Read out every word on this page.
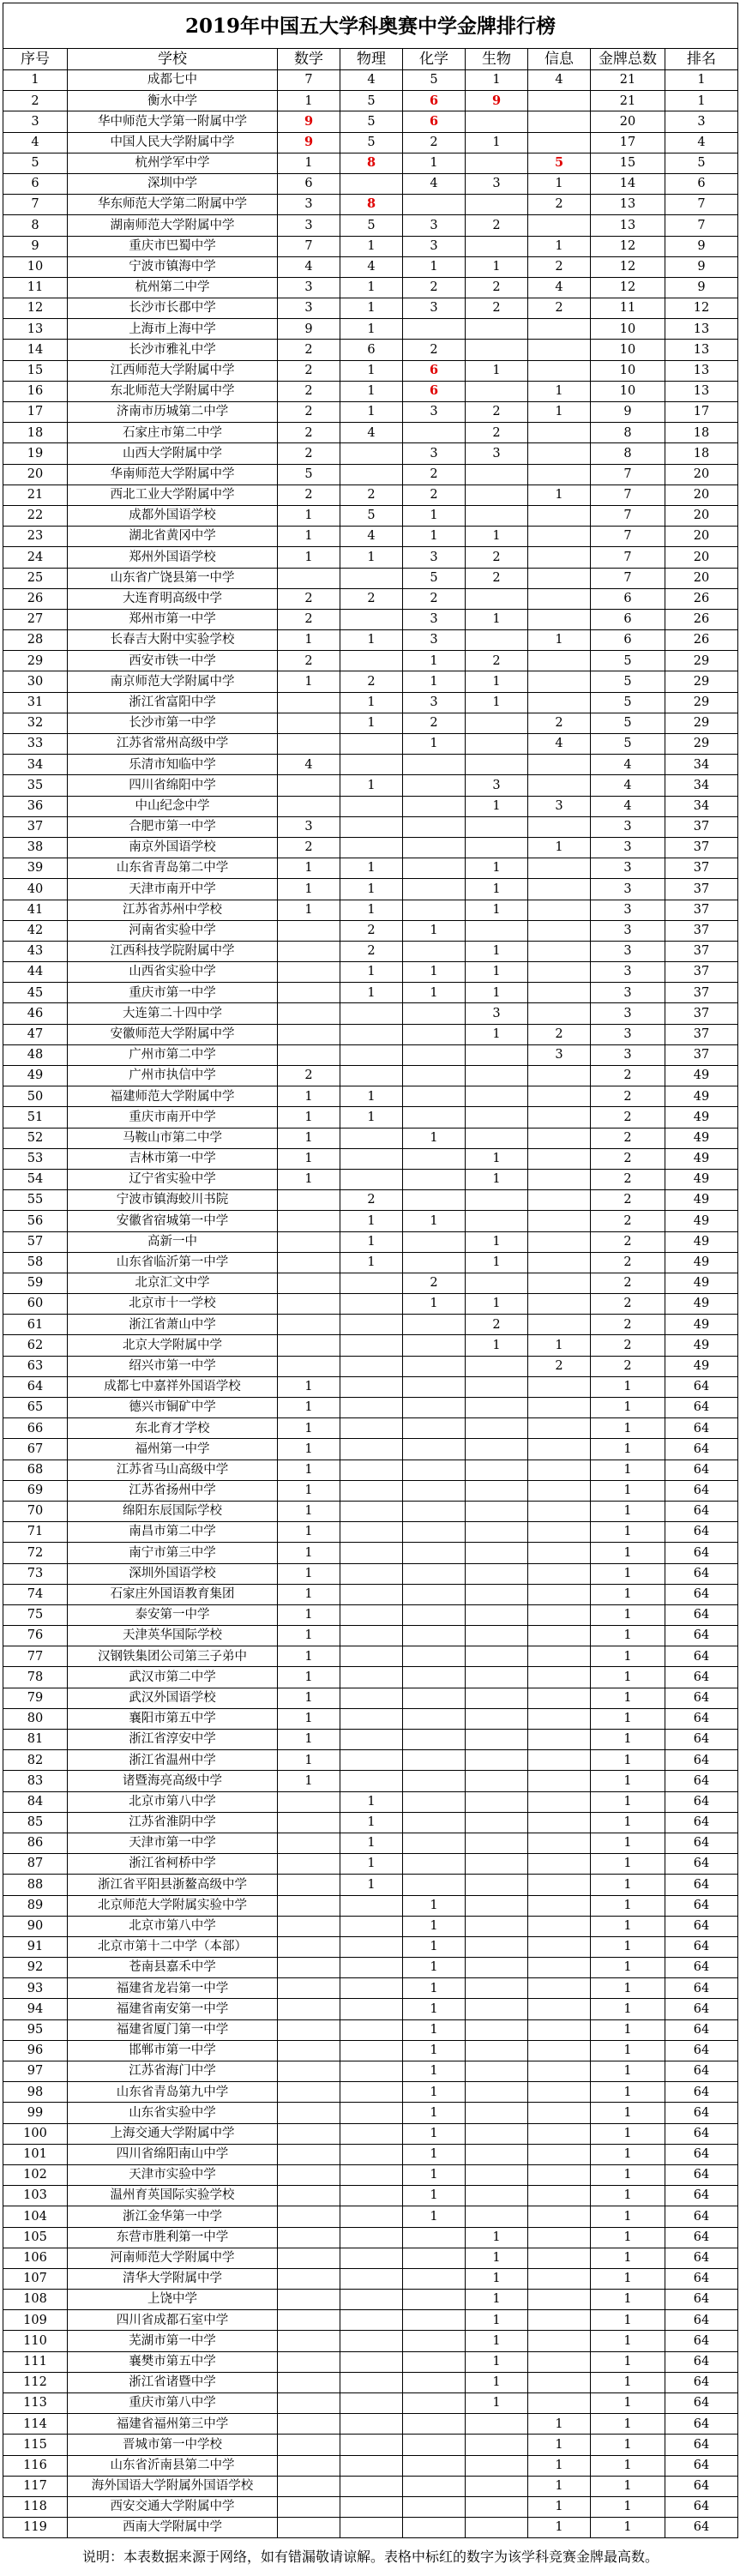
2019年中国五大学科奥赛中学金牌排行榜								
序号	学校	数学	物理	化学	生物	信息	金牌总数	排名
1	成都七中	7	4	5	1	4	21	1
2	衡水中学	1	5	6	9		21	1
3	华中师范大学第一附属中学	9	5	6			20	3
4	中国人民大学附属中学	9	5	2	1		17	4
5	杭州学军中学	1	8	1		5	15	5
6	深圳中学	6		4	3	1	14	6
7	华东师范大学第二附属中学	3	8			2	13	7
8	湖南师范大学附属中学	3	5	3	2		13	7
9	重庆市巴蜀中学	7	1	3		1	12	9
10	宁波市镇海中学	4	4	1	1	2	12	9
11	杭州第二中学	3	1	2	2	4	12	9
12	长沙市长郡中学	3	1	3	2	2	11	12
13	上海市上海中学	9	1				10	13
14	长沙市雅礼中学	2	6	2			10	13
15	江西师范大学附属中学	2	1	6	1		10	13
16	东北师范大学附属中学	2	1	6		1	10	13
17	济南市历城第二中学	2	1	3	2	1	9	17
18	石家庄市第二中学	2	4		2		8	18
19	山西大学附属中学	2		3	3		8	18
20	华南师范大学附属中学	5		2			7	20
21	西北工业大学附属中学	2	2	2		1	7	20
22	成都外国语学校	1	5	1			7	20
23	湖北省黄冈中学	1	4	1	1		7	20
24	郑州外国语学校	1	1	3	2		7	20
25	山东省广饶县第一中学			5	2		7	20
26	大连育明高级中学	2	2	2			6	26
27	郑州市第一中学	2		3	1		6	26
28	长春吉大附中实验学校	1	1	3		1	6	26
29	西安市铁一中学	2		1	2		5	29
30	南京师范大学附属中学	1	2	1	1		5	29
31	浙江省富阳中学		1	3	1		5	29
32	长沙市第一中学		1	2		2	5	29
33	江苏省常州高级中学			1		4	5	29
34	乐清市知临中学	4					4	34
35	四川省绵阳中学		1		3		4	34
36	中山纪念中学				1	3	4	34
37	合肥市第一中学	3					3	37
38	南京外国语学校	2				1	3	37
39	山东省青岛第二中学	1	1		1		3	37
40	天津市南开中学	1	1		1		3	37
41	江苏省苏州中学校	1	1		1		3	37
42	河南省实验中学		2	1			3	37
43	江西科技学院附属中学		2		1		3	37
44	山西省实验中学		1	1	1		3	37
45	重庆市第一中学		1	1	1		3	37
46	大连第二十四中学				3		3	37
47	安徽师范大学附属中学				1	2	3	37
48	广州市第二中学					3	3	37
49	广州市执信中学	2					2	49
50	福建师范大学附属中学	1	1				2	49
51	重庆市南开中学	1	1				2	49
52	马鞍山市第二中学	1		1			2	49
53	吉林市第一中学	1			1		2	49
54	辽宁省实验中学	1			1		2	49
55	宁波市镇海蛟川书院		2				2	49
56	安徽省宿城第一中学		1	1			2	49
57	高新一中		1		1		2	49
58	山东省临沂第一中学		1		1		2	49
59	北京汇文中学			2			2	49
60	北京市十一学校			1	1		2	49
61	浙江省萧山中学				2		2	49
62	北京大学附属中学				1	1	2	49
63	绍兴市第一中学					2	2	49
64	成都七中嘉祥外国语学校	1					1	64
65	德兴市铜矿中学	1					1	64
66	东北育才学校	1					1	64
67	福州第一中学	1					1	64
68	江苏省马山高级中学	1					1	64
69	江苏省扬州中学	1					1	64
70	绵阳东辰国际学校	1					1	64
71	南昌市第二中学	1					1	64
72	南宁市第三中学	1					1	64
73	深圳外国语学校	1					1	64
74	石家庄外国语教育集团	1					1	64
75	泰安第一中学	1					1	64
76	天津英华国际学校	1					1	64
77	汉钢铁集团公司第三子弟中	1					1	64
78	武汉市第二中学	1					1	64
79	武汉外国语学校	1					1	64
80	襄阳市第五中学	1					1	64
81	浙江省淳安中学	1					1	64
82	浙江省温州中学	1					1	64
83	诸暨海亮高级中学	1					1	64
84	北京市第八中学		1				1	64
85	江苏省淮阴中学		1				1	64
86	天津市第一中学		1				1	64
87	浙江省柯桥中学		1				1	64
88	浙江省平阳县浙鳌高级中学		1				1	64
89	北京师范大学附属实验中学			1			1	64
90	北京市第八中学			1			1	64
91	北京市第十二中学（本部）			1			1	64
92	苍南县嘉禾中学			1			1	64
93	福建省龙岩第一中学			1			1	64
94	福建省南安第一中学			1			1	64
95	福建省厦门第一中学			1			1	64
96	邯郸市第一中学			1			1	64
97	江苏省海门中学			1			1	64
98	山东省青岛第九中学			1			1	64
99	山东省实验中学			1			1	64
100	上海交通大学附属中学			1			1	64
101	四川省绵阳南山中学			1			1	64
102	天津市实验中学			1			1	64
103	温州育英国际实验学校			1			1	64
104	浙江金华第一中学			1			1	64
105	东营市胜利第一中学				1		1	64
106	河南师范大学附属中学				1		1	64
107	清华大学附属中学				1		1	64
108	上饶中学				1		1	64
109	四川省成都石室中学				1		1	64
110	芜湖市第一中学				1		1	64
111	襄樊市第五中学				1		1	64
112	浙江省诸暨中学				1		1	64
113	重庆市第八中学				1		1	64
114	福建省福州第三中学					1	1	64
115	晋城市第一中学校					1	1	64
116	山东省沂南县第二中学					1	1	64
117	海外国语大学附属外国语学校					1	1	64
118	西安交通大学附属中学					1	1	64
119	西南大学附属中学					1	1	64
说明：本表数据来源于网络，如有错漏敬请谅解。表格中标红的数字为该学科竞赛金牌最高数。								
